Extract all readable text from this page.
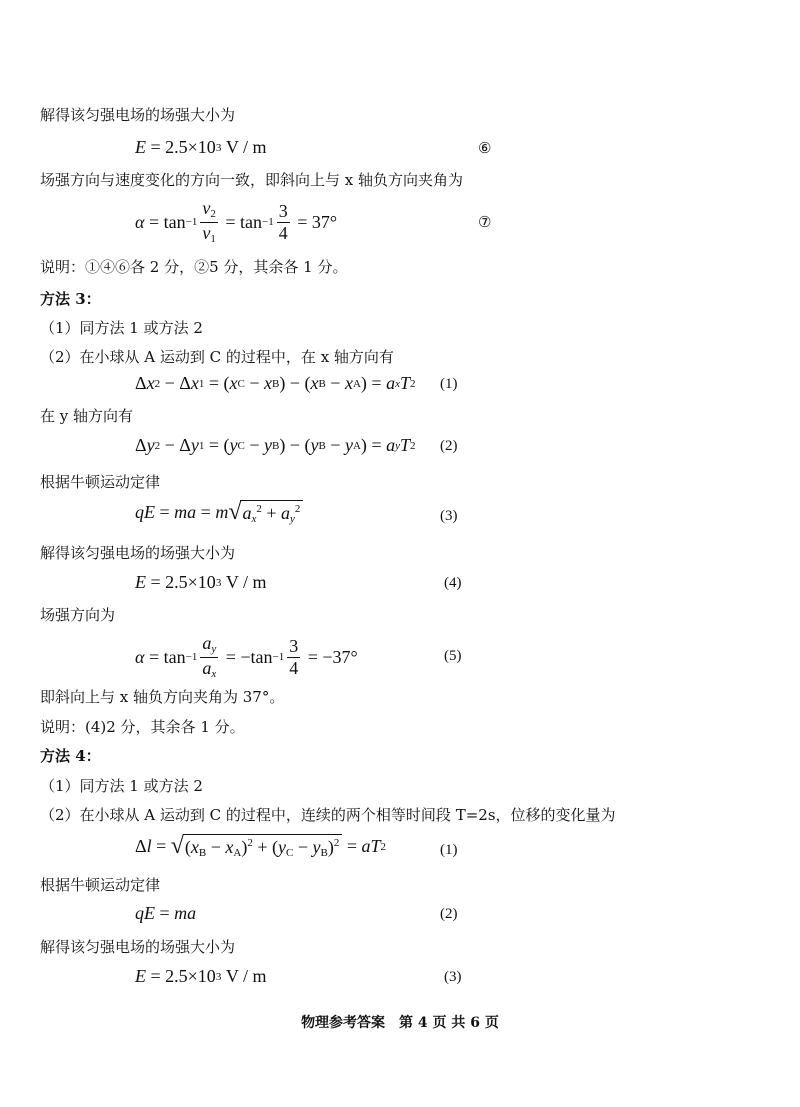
解得该匀强电场的场强大小为
E = 2.5×10 3
V / m	⑥
场强方向与速度变化的方向一致，即斜向上与 x 轴负方向夹角为
$\alpha = \tan -1 \frac{v_2}{v_1} = \tan -1 \frac{3}{4}$
= 37°	⑦
说明：①④⑥各 2 分，②5 分，其余各 1 分。
方法 3：
（1）同方法 1 或方法 2
（2）在小球从 A 运动到 C 的过程中，在 x 轴方向有
Δ x 2 − Δ x 1 = ( x C − x B ) − ( x B − x A ) = a x T 2 (1)
在 y 轴方向有
Δ y 2 − Δ y 1 = ( y C − y B ) − ( y B − y A ) = a y T 2 (2)
根据牛顿运动定律
qE = ma = m √ $a_x^2 + a_y^2$	(3)
解得该匀强电场的场强大小为
E = 2.5×10 3
V / m	(4)
场强方向为
$\alpha = \tan -1 \frac{a_y}{a_x} = -\tan -1 \frac{3}{4}$
= −37°	(5)
即斜向上与 x 轴负方向夹角为 37°。
说明：(4)2 分，其余各 1 分。
方法 4：
（1）同方法 1 或方法 2
（2）在小球从 A 运动到 C 的过程中，连续的两个相等时间段 T=2s，位移的变化量为
Δ l = √ $(x_B - x_A)^2 + (y_C - y_B)^2$ = aT 2	(1)
根据牛顿运动定律
qE = ma	(2)
解得该匀强电场的场强大小为
E = 2.5×10 3
V / m	(3)
物理参考答案　第 4 页 共 6 页
